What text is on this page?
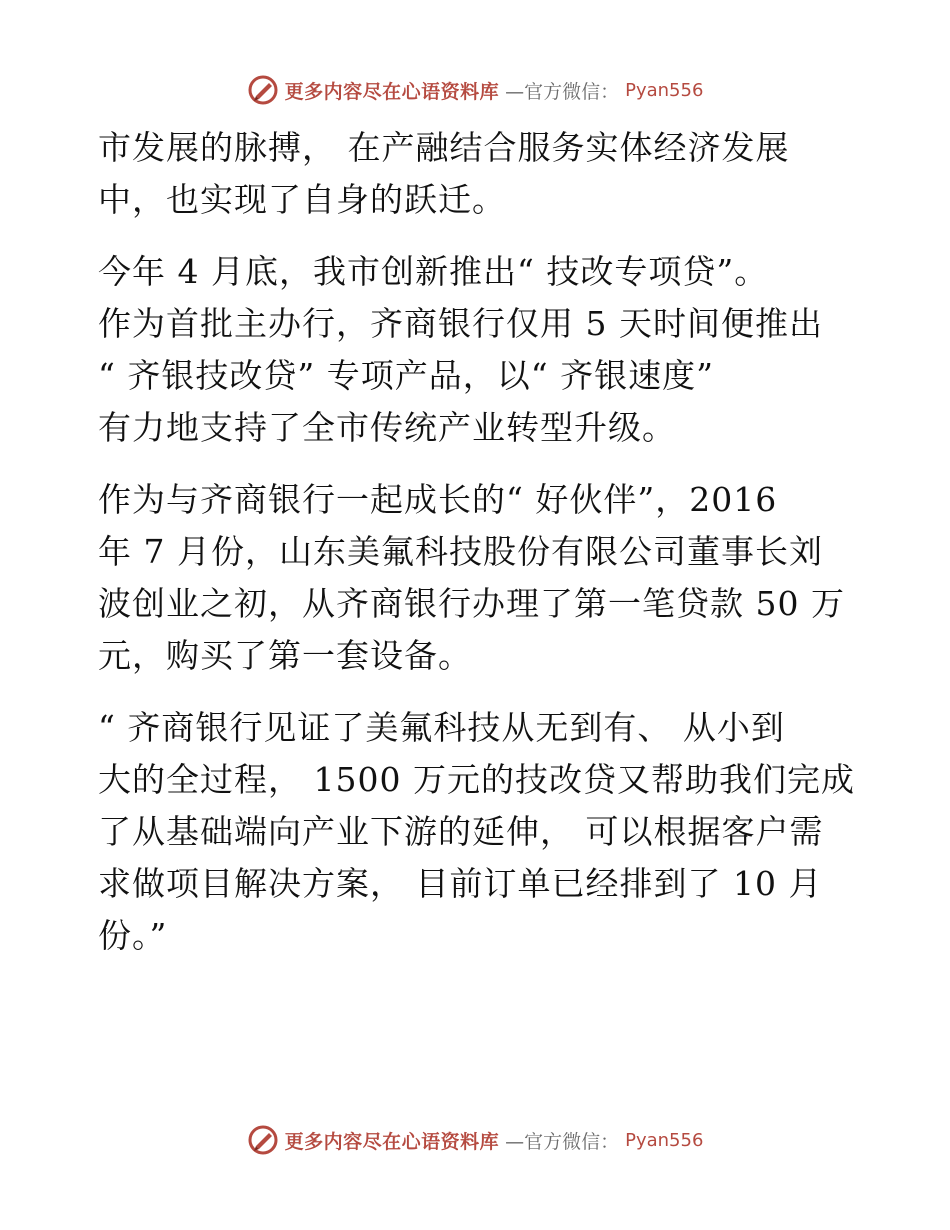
更多内容尽在心语资料库 —官方微信： Pyan556

市发展的脉搏， 在产融结合服务实体经济发展
中，也实现了自身的跃迁。

今年 4 月底，我市创新推出“ 技改专项贷”。
作为首批主办行，齐商银行仅用 5 天时间便推出
“ 齐银技改贷” 专项产品，以“ 齐银速度”
有力地支持了全市传统产业转型升级。

作为与齐商银行一起成长的“ 好伙伴”，2016
年 7 月份，山东美氟科技股份有限公司董事长刘
波创业之初，从齐商银行办理了第一笔贷款 50 万
元，购买了第一套设备。

“ 齐商银行见证了美氟科技从无到有、 从小到
大的全过程， 1500 万元的技改贷又帮助我们完成
了从基础端向产业下游的延伸， 可以根据客户需
求做项目解决方案， 目前订单已经排到了 10 月
份。”

更多内容尽在心语资料库 —官方微信： Pyan556
